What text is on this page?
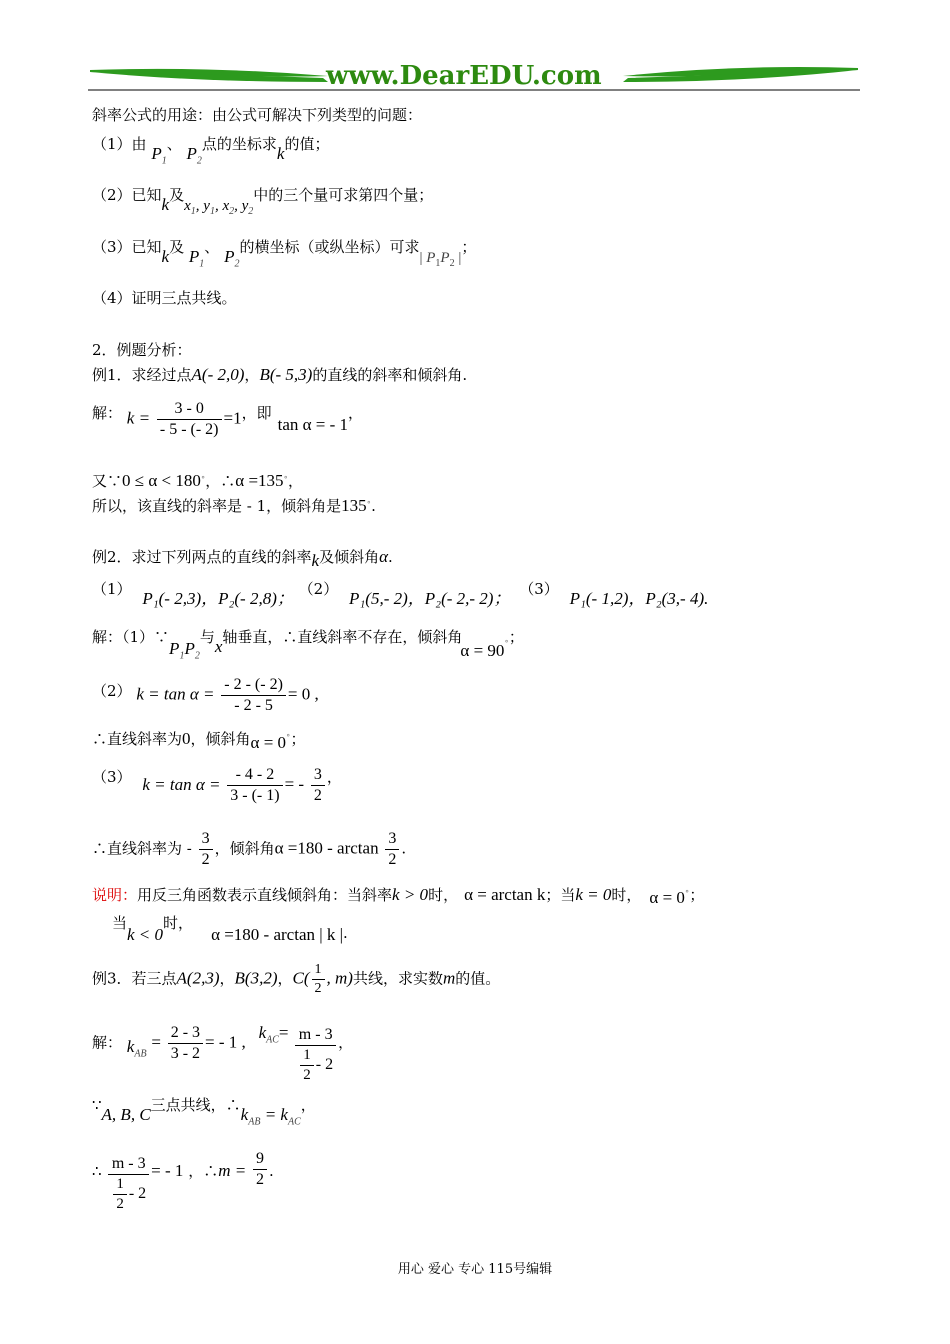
www.DearEDU.com
斜率公式的用途：由公式可解决下列类型的问题：
（1）由 $P_1$、 $P_2$点的坐标求k的值；
（2）已知k及$x_1$, $y_1$, $x_2$, $y_2$中的三个量可求第四个量；
（3）已知k及 $P_1$、 $P_2$的横坐标（或纵坐标）可求| $P_1P_2$ |；
（4）证明三点共线。
2．例题分析：
例1．求经过点A(- 2,0)，B(- 5,3)的直线的斜率和倾斜角.
解： $k = \frac{3 - 0}{- 5 - (- 2)} =1$，即tan α = - 1，
又∵0 ≤ α < 180∘，∴α =135∘，
所以，该直线的斜率是 - 1，倾斜角是135∘.
例2．求过下列两点的直线的斜率k及倾斜角α.
（1） P₁(- 2,3)，P₂(- 2,8)； （2） P₁(5,- 2)，P₂(- 2,- 2)； （3） P₁(- 1,2)，P₂(3,- 4).
解：$(1)\because P_1P_2$与x轴垂直，∴直线斜率不存在，倾斜角α = 90∘；
（2） $k = \tan \alpha = \frac{- 2 - (- 2)}{- 2 - 5} = 0$ ,
∴直线斜率为0，倾斜角α = 0∘；
（3） $k = \tan \alpha = \frac{- 4 - 2}{3 - (- 1)}$ = - $\frac{3}{2}$ ，
∴直线斜率为 - $\frac{3}{2}$ ，倾斜角$\alpha =180 - \arctan \frac{3}{2}$ .
说明：用反三角函数表示直线倾斜角：当斜率k > 0时， α = arctan k；当k = 0时， α = 0∘；
当k < 0时，α =180 - arctan | k |.
例3．若三点A(2,3)，B(3,2)，$C( \frac{1}{2}$ , m)共线，求实数m的值。
解： $k_{AB} = \frac{2 - 3}{3 - 2}$ = - 1 , $k_{AC}= \frac{m - 3}{\frac{1}{2} - 2}$ ，
∵A, B, C三点共线，$\therefore k_{AB} = k_{AC}$，
∴ $\frac{m - 3}{\frac{1}{2} - 2}$ = - 1 ，∴m = $\frac{9}{2}$ .
用心 爱心 专心 115号编辑
